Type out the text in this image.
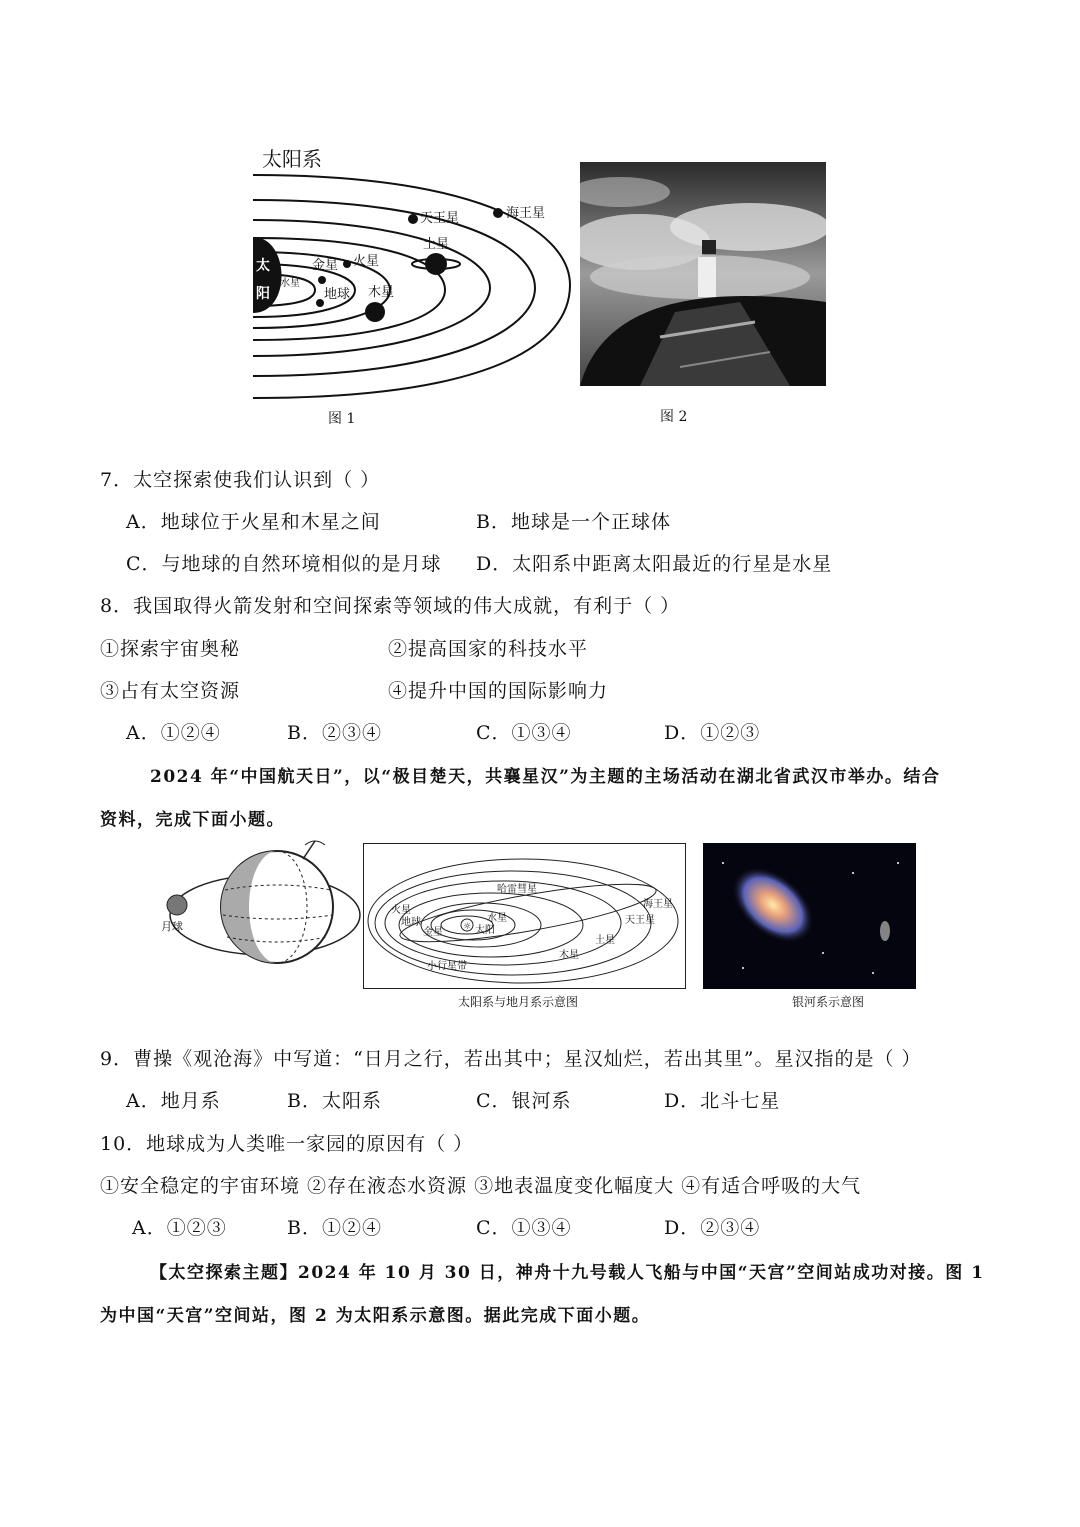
太阳系
太
阳
水星
金星
地球
火星
木星
土星
天王星	海王星
图 1	图 2
7．太空探索使我们认识到（ ）
A．地球位于火星和木星之间	B．地球是一个正球体
C．与地球的自然环境相似的是月球 D．太阳系中距离太阳最近的行星是水星
8．我国取得火箭发射和空间探索等领域的伟大成就，有利于（ ）
①探索宇宙奥秘	②提高国家的科技水平
③占有太空资源	④提升中国的国际影响力
A．①②④	B．②③④	C．①③④	D．①②③
2024 年“中国航天日”，以“极目楚天，共襄星汉”为主题的主场活动在湖北省武汉市举办。结合
资料，完成下面小题。
月球	☼
火星
地球
金星
水星
太阳
哈雷彗星
海王星
天王星
土星
木星
小行星带
太阳系与地月系示意图	银河系示意图
9．曹操《观沧海》中写道：“日月之行，若出其中；星汉灿烂，若出其里”。星汉指的是（ ）
A．地月系	B．太阳系	C．银河系	D．北斗七星
10．地球成为人类唯一家园的原因有（ ）
①安全稳定的宇宙环境 ②存在液态水资源 ③地表温度变化幅度大 ④有适合呼吸的大气
A．①②③	B．①②④	C．①③④	D．②③④
【太空探索主题】2024 年 10 月 30 日，神舟十九号载人飞船与中国“天宫”空间站成功对接。图 1
为中国“天宫”空间站，图 2 为太阳系示意图。据此完成下面小题。
